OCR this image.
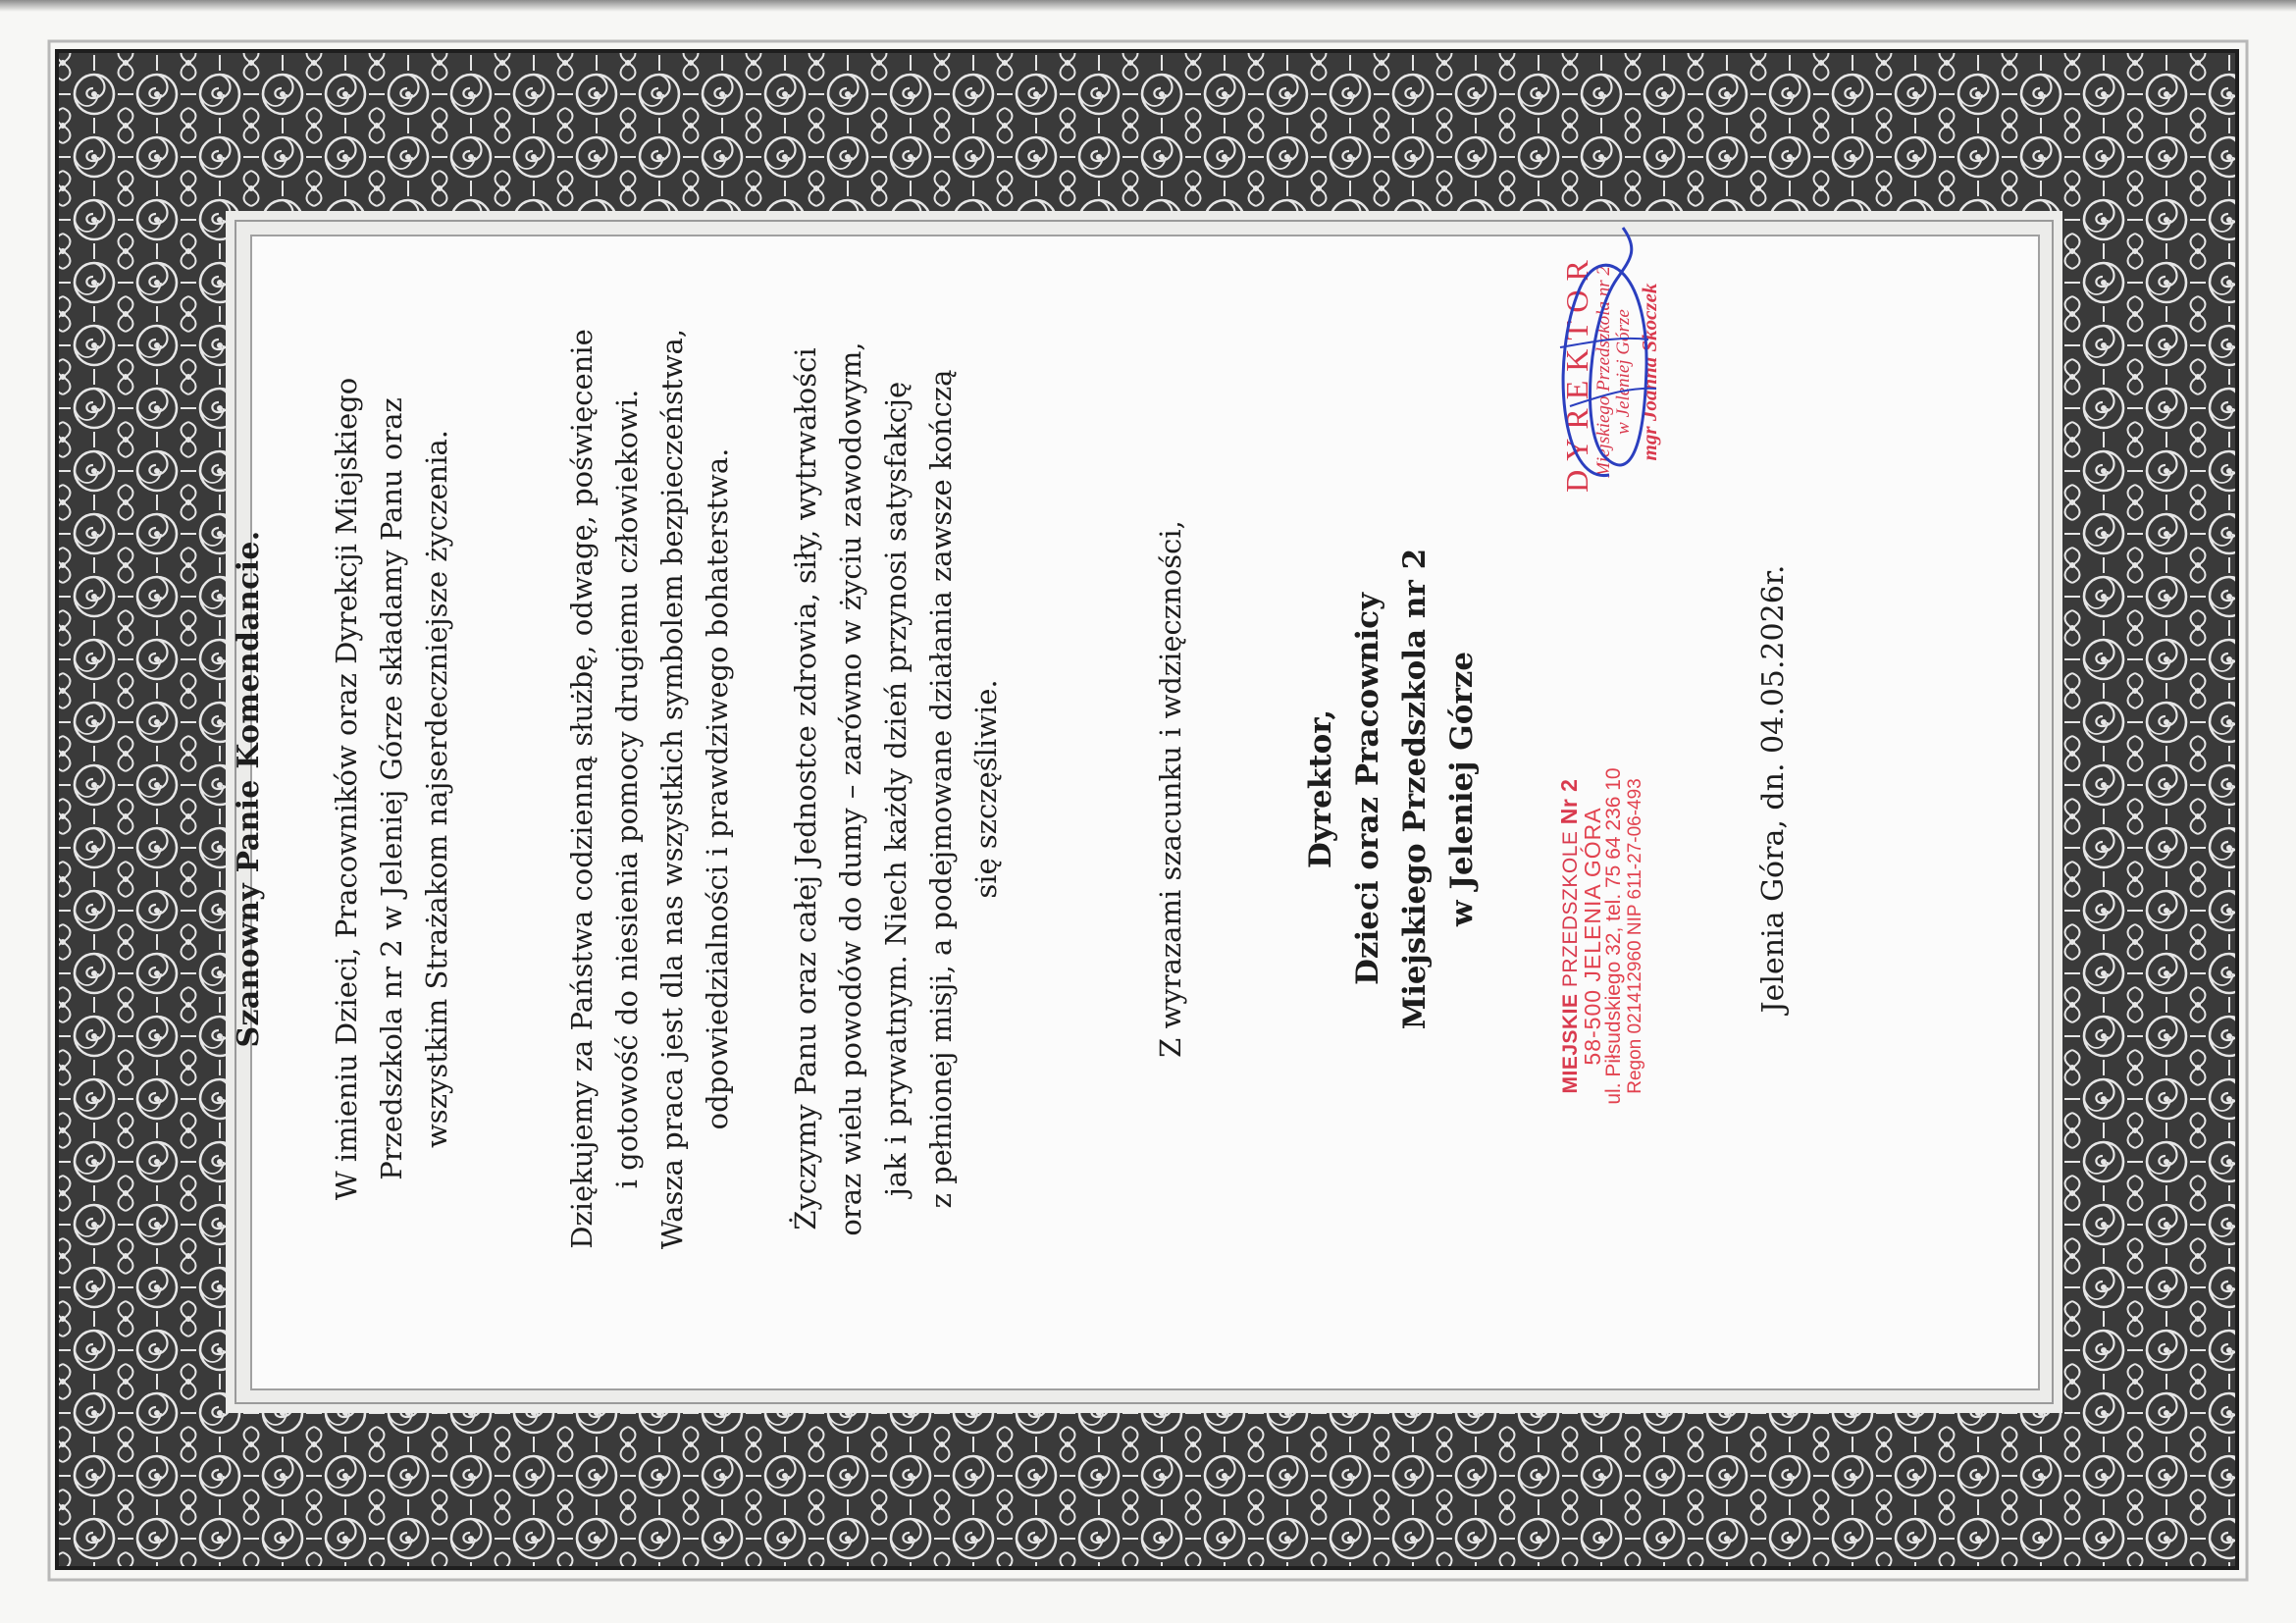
Szanowny Panie Komendancie. W imieniu Dzieci, Pracowników oraz Dyrekcji Miejskiego Przedszkola nr 2 w Jeleniej Górze składamy Panu oraz wszystkim Strażakom najserdeczniejsze życzenia.	Dziękujemy za Państwa codzienną służbę, odwagę, poświęcenie i gotowość do niesienia pomocy drugiemu człowiekowi. Wasza praca jest dla nas wszystkich symbolem bezpieczeństwa, odpowiedzialności i prawdziwego bohaterstwa. Życzymy Panu oraz całej Jednostce zdrowia, siły, wytrwałości oraz wielu powodów do dumy – zarówno w życiu zawodowym, jak i prywatnym. Niech każdy dzień przynosi satysfakcję z pełnionej misji, a podejmowane działania zawsze kończą się szczęśliwie.	Z wyrazami szacunku i wdzięczności,	Dyrektor, Dzieci oraz Pracownicy Miejskiego Przedszkola nr 2 w Jeleniej Górze
MIEJSKIE PRZEDSZKOLE Nr 2
58-500 JELENIA GÓRA
ul. Piłsudskiego 32, tel. 75 64 236 10 Regon 021412960 NIP 611-27-06-493
DYREKTOR Miejskiego Przedszkola nr 2 w Jeleniej Górze mgr Joanna Skoczek

Jelenia Góra, dn. 04.05.2026r.
